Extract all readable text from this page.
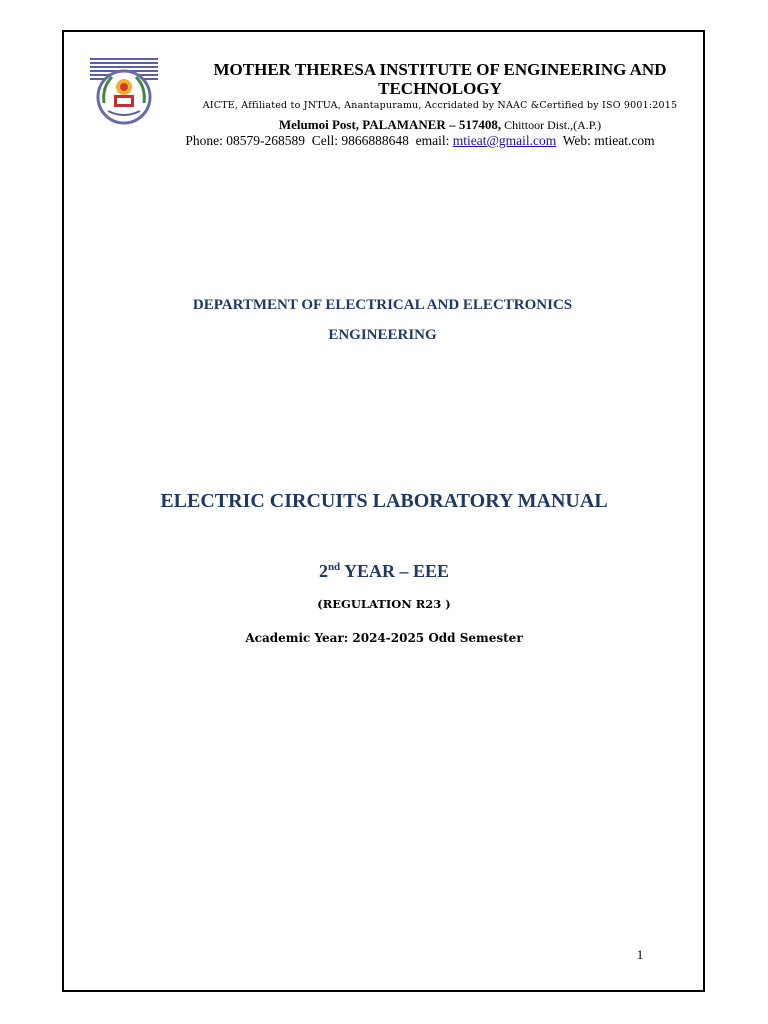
MOTHER THERESA INSTITUTE OF ENGINEERING AND
TECHNOLOGY
AICTE, Affiliated to JNTUA, Anantapuramu, Accridated by NAAC &Certified by ISO 9001:2015
Melumoi Post, PALAMANER – 517408, Chittoor Dist.,(A.P.)
Phone: 08579-268589 Cell: 9866888648 email: mtieat@gmail.com Web: mtieat.com
DEPARTMENT OF ELECTRICAL AND ELECTRONICS
ENGINEERING
ELECTRIC CIRCUITS LABORATORY MANUAL
2nd YEAR – EEE
(REGULATION R23 )
Academic Year: 2024-2025 Odd Semester
1
